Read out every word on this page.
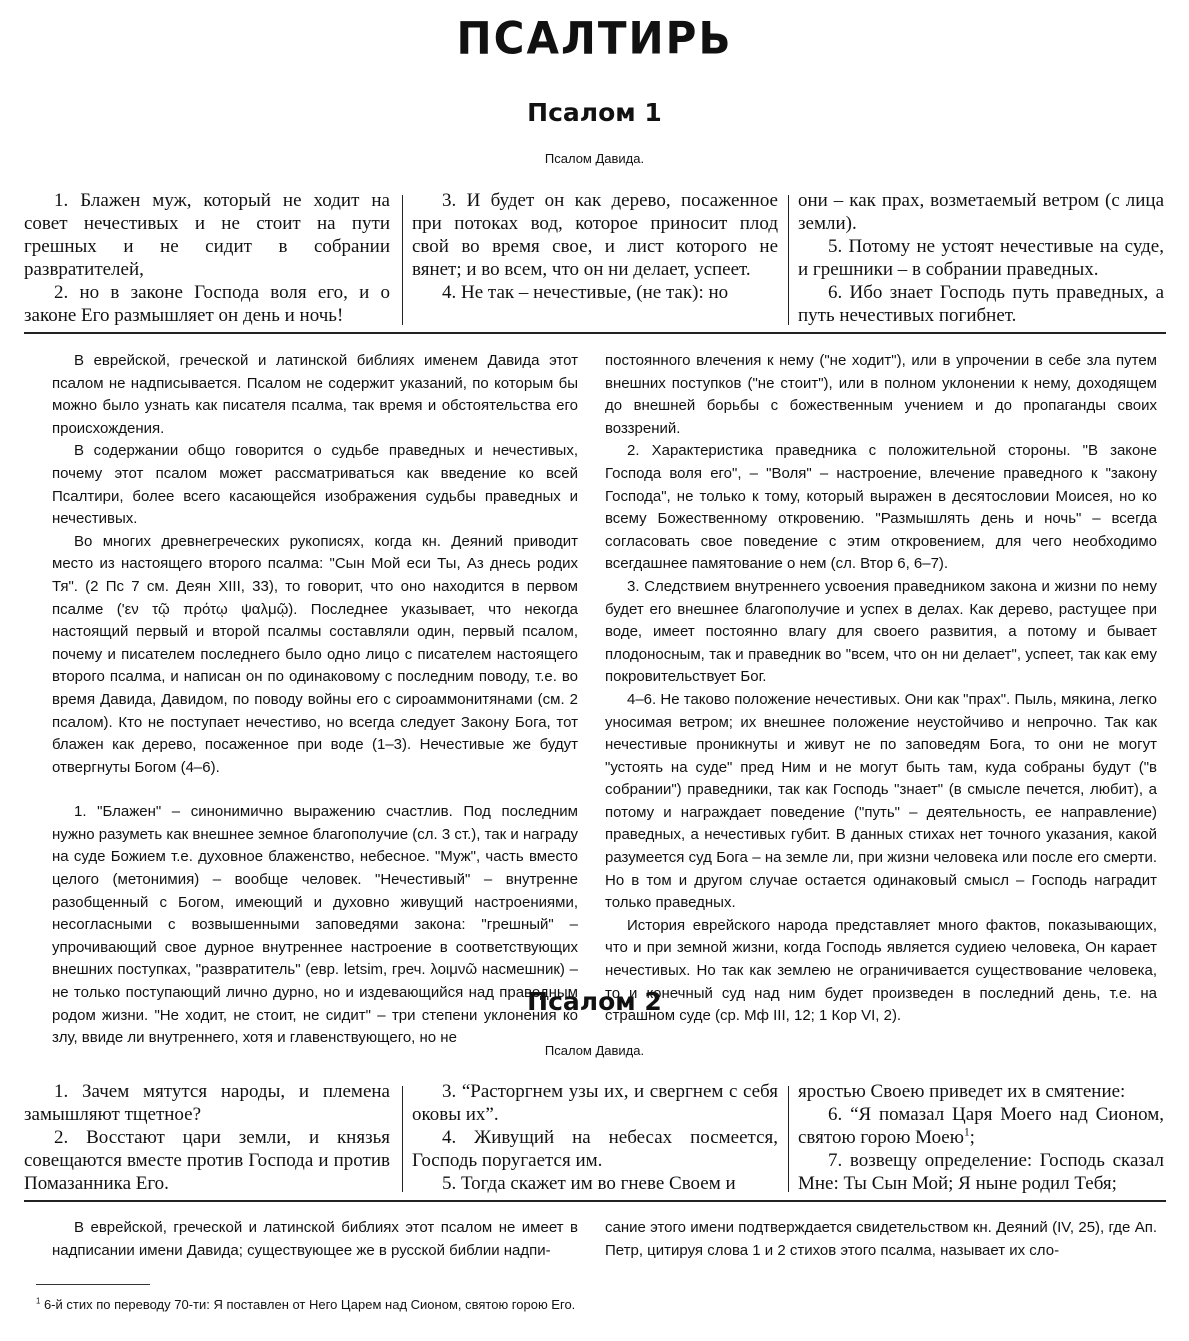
ПСАЛТИРЬ
Псалом 1
Псалом Давида.

1. Блажен муж, который не ходит на совет нечестивых и не стоит на пути грешных и не сидит в собрании развратителей,

2. но в законе Господа воля его, и о законе Его размышляет он день и ночь!

3. И будет он как дерево, посаженное при потоках вод, которое приносит плод свой во время свое, и лист которого не вянет; и во всем, что он ни делает, успеет.

4. Не так – нечестивые, (не так): но

они – как прах, возметаемый ветром (с лица земли).

5. Потому не устоят нечестивые на суде, и грешники – в собрании праведных.

6. Ибо знает Господь путь праведных, а путь нечестивых погибнет.

В еврейской, греческой и латинской библиях именем Давида этот псалом не надписывается. Псалом не содержит указаний, по которым бы можно было узнать как писателя псалма, так время и обстоятельства его происхождения.

В содержании общо говорится о судьбе праведных и нечестивых, почему этот псалом может рассматриваться как введение ко всей Псалтири, более всего касающейся изображения судьбы праведных и нечестивых.

Во многих древнегреческих рукописях, когда кн. Деяний приводит место из настоящего второго псалма: "Сын Мой еси Ты, Аз днесь родих Тя". (2 Пс 7 см. Деян XIII, 33), то говорит, что оно находится в первом псалме ('εν τῷ πρότῳ ψαλμῷ). Последнее указывает, что некогда настоящий первый и второй псалмы составляли один, первый псалом, почему и писателем последнего было одно лицо с писателем настоящего второго псалма, и написан он по одинаковому с последним поводу, т.е. во время Давида, Давидом, по поводу войны его с сироаммонитянами (см. 2 псалом). Кто не поступает нечестиво, но всегда следует Закону Бога, тот блажен как дерево, посаженное при воде (1–3). Нечестивые же будут отвергнуты Богом (4–6).

1. "Блажен" – синонимично выражению счастлив. Под последним нужно разуметь как внешнее земное благополучие (сл. 3 ст.), так и награду на суде Божием т.е. духовное блаженство, небесное. "Муж", часть вместо целого (метонимия) – вообще человек. "Нечестивый" – внутренне разобщенный с Богом, имеющий и духовно живущий настроениями, несогласными с возвышенными заповедями закона: "грешный" – упрочивающий свое дурное внутреннее настроение в соответствующих внешних поступках, "развратитель" (евр. letsim, греч. λοιμνῶ насмешник) – не только поступающий лично дурно, но и издевающийся над праведным родом жизни. "Не ходит, не стоит, не сидит" – три степени уклонения ко злу, ввиде ли внутреннего, хотя и главенствующего, но не

постоянного влечения к нему ("не ходит"), или в упрочении в себе зла путем внешних поступков ("не стоит"), или в полном уклонении к нему, доходящем до внешней борьбы с божественным учением и до пропаганды своих воззрений.

2. Характеристика праведника с положительной стороны. "В законе Господа воля его", – "Воля" – настроение, влечение праведного к "закону Господа", не только к тому, который выражен в десятословии Моисея, но ко всему Божественному откровению. "Размышлять день и ночь" – всегда согласовать свое поведение с этим откровением, для чего необходимо всегдашнее памятование о нем (сл. Втор 6, 6–7).

3. Следствием внутреннего усвоения праведником закона и жизни по нему будет его внешнее благополучие и успех в делах. Как дерево, растущее при воде, имеет постоянно влагу для своего развития, а потому и бывает плодоносным, так и праведник во "всем, что он ни делает", успеет, так как ему покровительствует Бог.

4–6. Не таково положение нечестивых. Они как "прах". Пыль, мякина, легко уносимая ветром; их внешнее положение неустойчиво и непрочно. Так как нечестивые проникнуты и живут не по заповедям Бога, то они не могут "устоять на суде" пред Ним и не могут быть там, куда собраны будут ("в собрании") праведники, так как Господь "знает" (в смысле печется, любит), а потому и награждает поведение ("путь" – деятельность, ее направление) праведных, а нечестивых губит. В данных стихах нет точного указания, какой разумеется суд Бога – на земле ли, при жизни человека или после его смерти. Но в том и другом случае остается одинаковый смысл – Господь наградит только праведных.

История еврейского народа представляет много фактов, показывающих, что и при земной жизни, когда Господь является судиею человека, Он карает нечестивых. Но так как землею не ограничивается существование человека, то и конечный суд над ним будет произведен в последний день, т.е. на страшном суде (ср. Мф III, 12; 1 Кор VI, 2).

Псалом 2
Псалом Давида.

1. Зачем мятутся народы, и племена замышляют тщетное?

2. Восстают цари земли, и князья совещаются вместе против Господа и против Помазанника Его.

3. “Расторгнем узы их, и свергнем с себя оковы их”.

4. Живущий на небесах посмеется, Господь поругается им.

5. Тогда скажет им во гневе Своем и

яростью Своею приведет их в смятение:

6. “Я помазал Царя Моего над Сионом, святою горою Моею$^1$;

7. возвещу определение: Господь сказал Мне: Ты Сын Мой; Я ныне родил Тебя;

В еврейской, греческой и латинской библиях этот псалом не имеет в надписании имени Давида; существующее же в русской библии надпи-

сание этого имени подтверждается свидетельством кн. Деяний (IV, 25), где Ап. Петр, цитируя слова 1 и 2 стихов этого псалма, называет их сло-

$^1$ 6-й стих по переводу 70-ти: Я поставлен от Него Царем над Сионом, святою горою Его.
